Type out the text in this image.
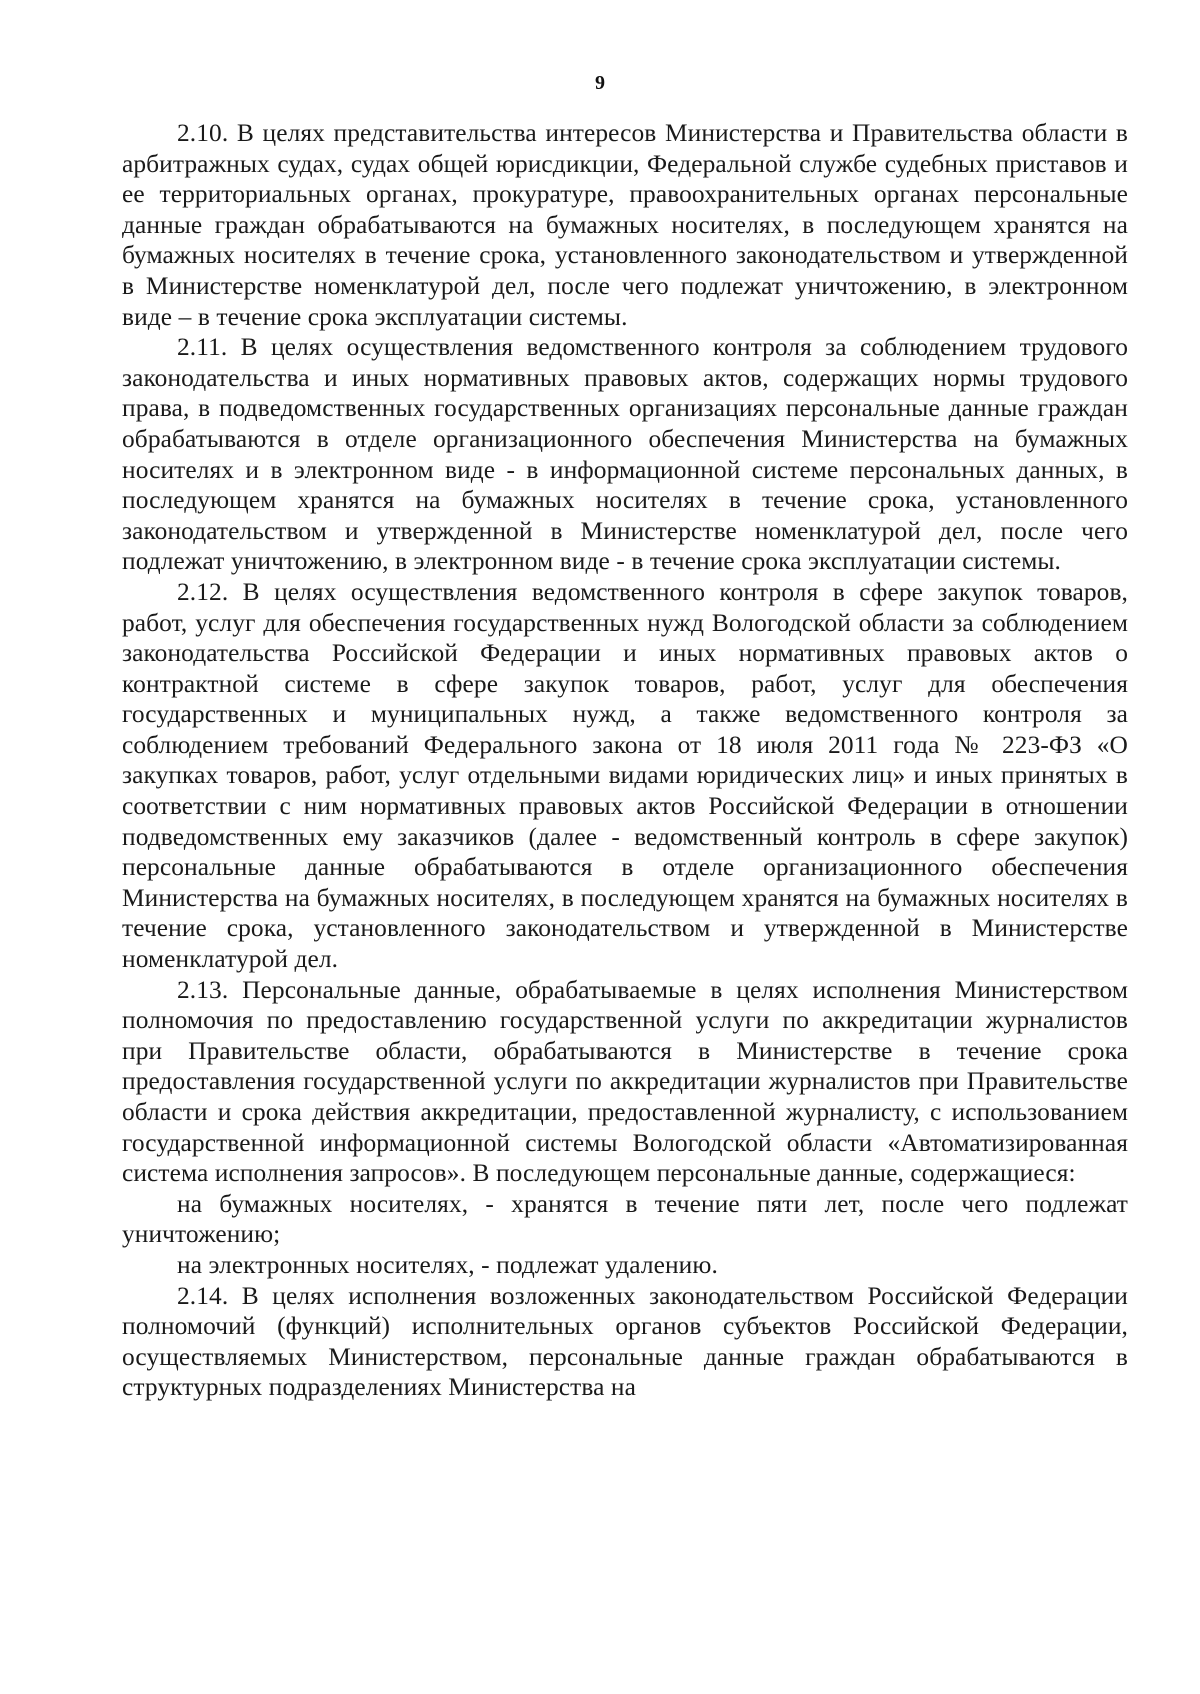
9

2.10. В целях представительства интересов Министерства и Правительства области в арбитражных судах, судах общей юрисдикции, Федеральной службе судебных приставов и ее территориальных органах, прокуратуре, правоохранительных органах персональные данные граждан обрабатываются на бумажных носителях, в последующем хранятся на бумажных носителях в течение срока, установленного законодательством и утвержденной в Министерстве номенклатурой дел, после чего подлежат уничтожению, в электронном виде – в течение срока эксплуатации системы.

2.11. В целях осуществления ведомственного контроля за соблюдением трудового законодательства и иных нормативных правовых актов, содержащих нормы трудового права, в подведомственных государственных организациях персональные данные граждан обрабатываются в отделе организационного обеспечения Министерства на бумажных носителях и в электронном виде - в информационной системе персональных данных, в последующем хранятся на бумажных носителях в течение срока, установленного законодательством и утвержденной в Министерстве номенклатурой дел, после чего подлежат уничтожению, в электронном виде - в течение срока эксплуатации системы.

2.12. В целях осуществления ведомственного контроля в сфере закупок товаров, работ, услуг для обеспечения государственных нужд Вологодской области за соблюдением законодательства Российской Федерации и иных нормативных правовых актов о контрактной системе в сфере закупок товаров, работ, услуг для обеспечения государственных и муниципальных нужд, а также ведомственного контроля за соблюдением требований Федерального закона от 18 июля 2011 года № 223-ФЗ «О закупках товаров, работ, услуг отдельными видами юридических лиц» и иных принятых в соответствии с ним нормативных правовых актов Российской Федерации в отношении подведомственных ему заказчиков (далее - ведомственный контроль в сфере закупок) персональные данные обрабатываются в отделе организационного обеспечения Министерства на бумажных носителях, в последующем хранятся на бумажных носителях в течение срока, установленного законодательством и утвержденной в Министерстве номенклатурой дел.

2.13. Персональные данные, обрабатываемые в целях исполнения Министерством полномочия по предоставлению государственной услуги по аккредитации журналистов при Правительстве области, обрабатываются в Министерстве в течение срока предоставления государственной услуги по аккредитации журналистов при Правительстве области и срока действия аккредитации, предоставленной журналисту, с использованием государственной информационной системы Вологодской области «Автоматизированная система исполнения запросов». В последующем персональные данные, содержащиеся:

на бумажных носителях, - хранятся в течение пяти лет, после чего подлежат уничтожению;

на электронных носителях, - подлежат удалению.

2.14. В целях исполнения возложенных законодательством Российской Федерации полномочий (функций) исполнительных органов субъектов Российской Федерации, осуществляемых Министерством, персональные данные граждан обрабатываются в структурных подразделениях Министерства на
